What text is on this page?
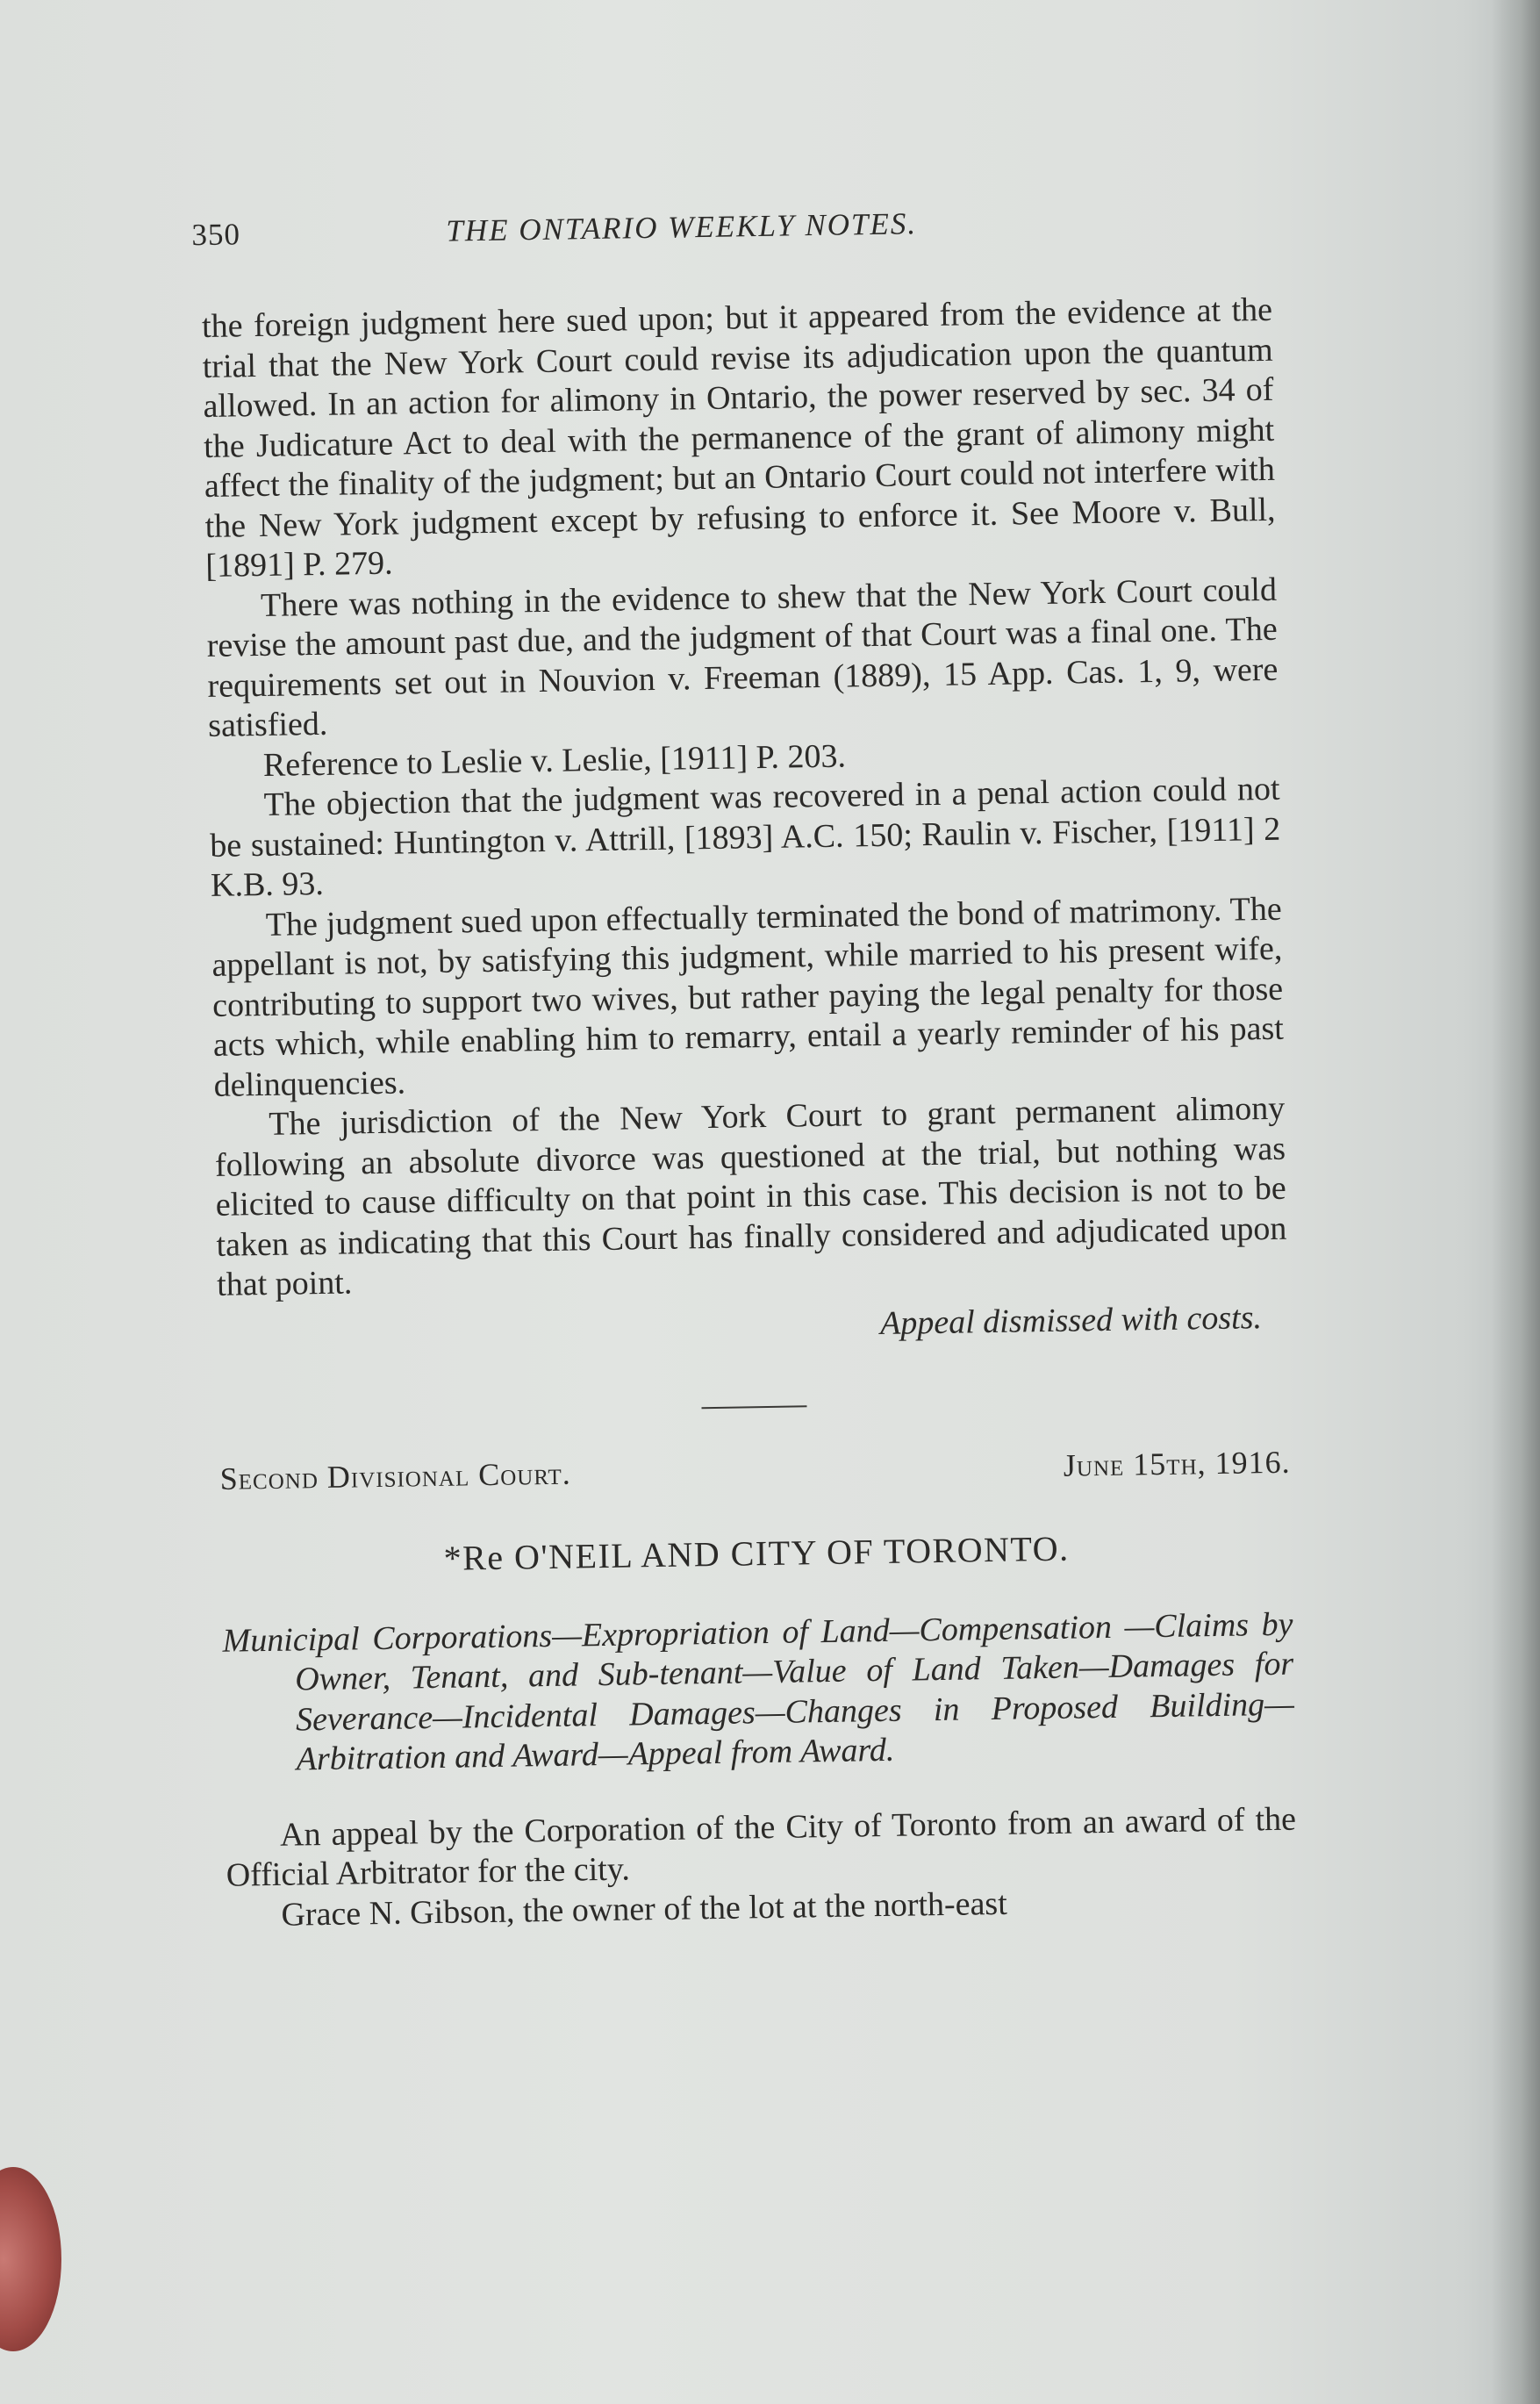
350	THE ONTARIO WEEKLY NOTES.

the foreign judgment here sued upon; but it appeared from the evidence at the trial that the New York Court could revise its adjudication upon the quantum allowed. In an action for alimony in Ontario, the power reserved by sec. 34 of the Judicature Act to deal with the permanence of the grant of alimony might affect the finality of the judgment; but an Ontario Court could not interfere with the New York judgment except by refusing to enforce it. See Moore v. Bull, [1891] P. 279.

There was nothing in the evidence to shew that the New York Court could revise the amount past due, and the judgment of that Court was a final one. The requirements set out in Nouvion v. Freeman (1889), 15 App. Cas. 1, 9, were satisfied.

Reference to Leslie v. Leslie, [1911] P. 203.

The objection that the judgment was recovered in a penal action could not be sustained: Huntington v. Attrill, [1893] A.C. 150; Raulin v. Fischer, [1911] 2 K.B. 93.

The judgment sued upon effectually terminated the bond of matrimony. The appellant is not, by satisfying this judgment, while married to his present wife, contributing to support two wives, but rather paying the legal penalty for those acts which, while enabling him to remarry, entail a yearly reminder of his past delinquencies.

The jurisdiction of the New York Court to grant permanent alimony following an absolute divorce was questioned at the trial, but nothing was elicited to cause difficulty on that point in this case. This decision is not to be taken as indicating that this Court has finally considered and adjudicated upon that point.

Appeal dismissed with costs.
Second Divisional Court.	June 15th, 1916.
*Re O'NEIL AND CITY OF TORONTO.
Municipal Corporations—Expropriation of Land—Compensation —Claims by Owner, Tenant, and Sub-tenant—Value of Land Taken—Damages for Severance—Incidental Damages—Changes in Proposed Building—Arbitration and Award—Appeal from Award.

An appeal by the Corporation of the City of Toronto from an award of the Official Arbitrator for the city.

Grace N. Gibson, the owner of the lot at the north-east
